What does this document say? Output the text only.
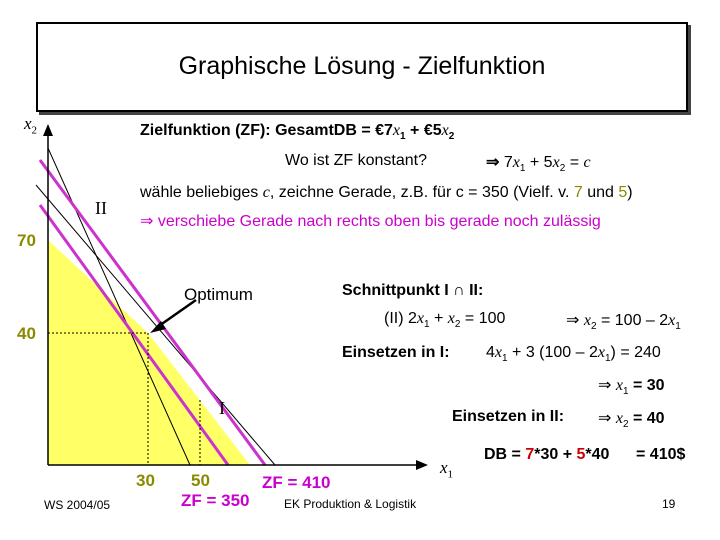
Graphische Lösung - Zielfunktion
$x_2$
$x_1$
70
40
30 50
II
I
Optimum
ZF = 410
ZF = 350
Zielfunktion (ZF): GesamtDB = $€7x_1$ + $€5x_2$
Wo ist ZF konstant?	⇒ $7x_1 + 5x_2 = c$
wähle beliebiges c, zeichne Gerade, z.B. für c = 350 (Vielf. v. 7 und 5)
⇒ verschiebe Gerade nach rechts oben bis gerade noch zulässig
Schnittpunkt I ∩ II:
(II) $2x_1 + x_2 = 100$	⇒ $x_2 = 100 - 2x_1$
Einsetzen in I: $4x_1 + 3$ $(100 - 2x_1) = 240$
⇒ $x_1 = 30$
Einsetzen in II: ⇒ $x_2 = 40$
DB = 7*30 + 5*40 = 410$
WS 2004/05	EK Produktion & Logistik	19
